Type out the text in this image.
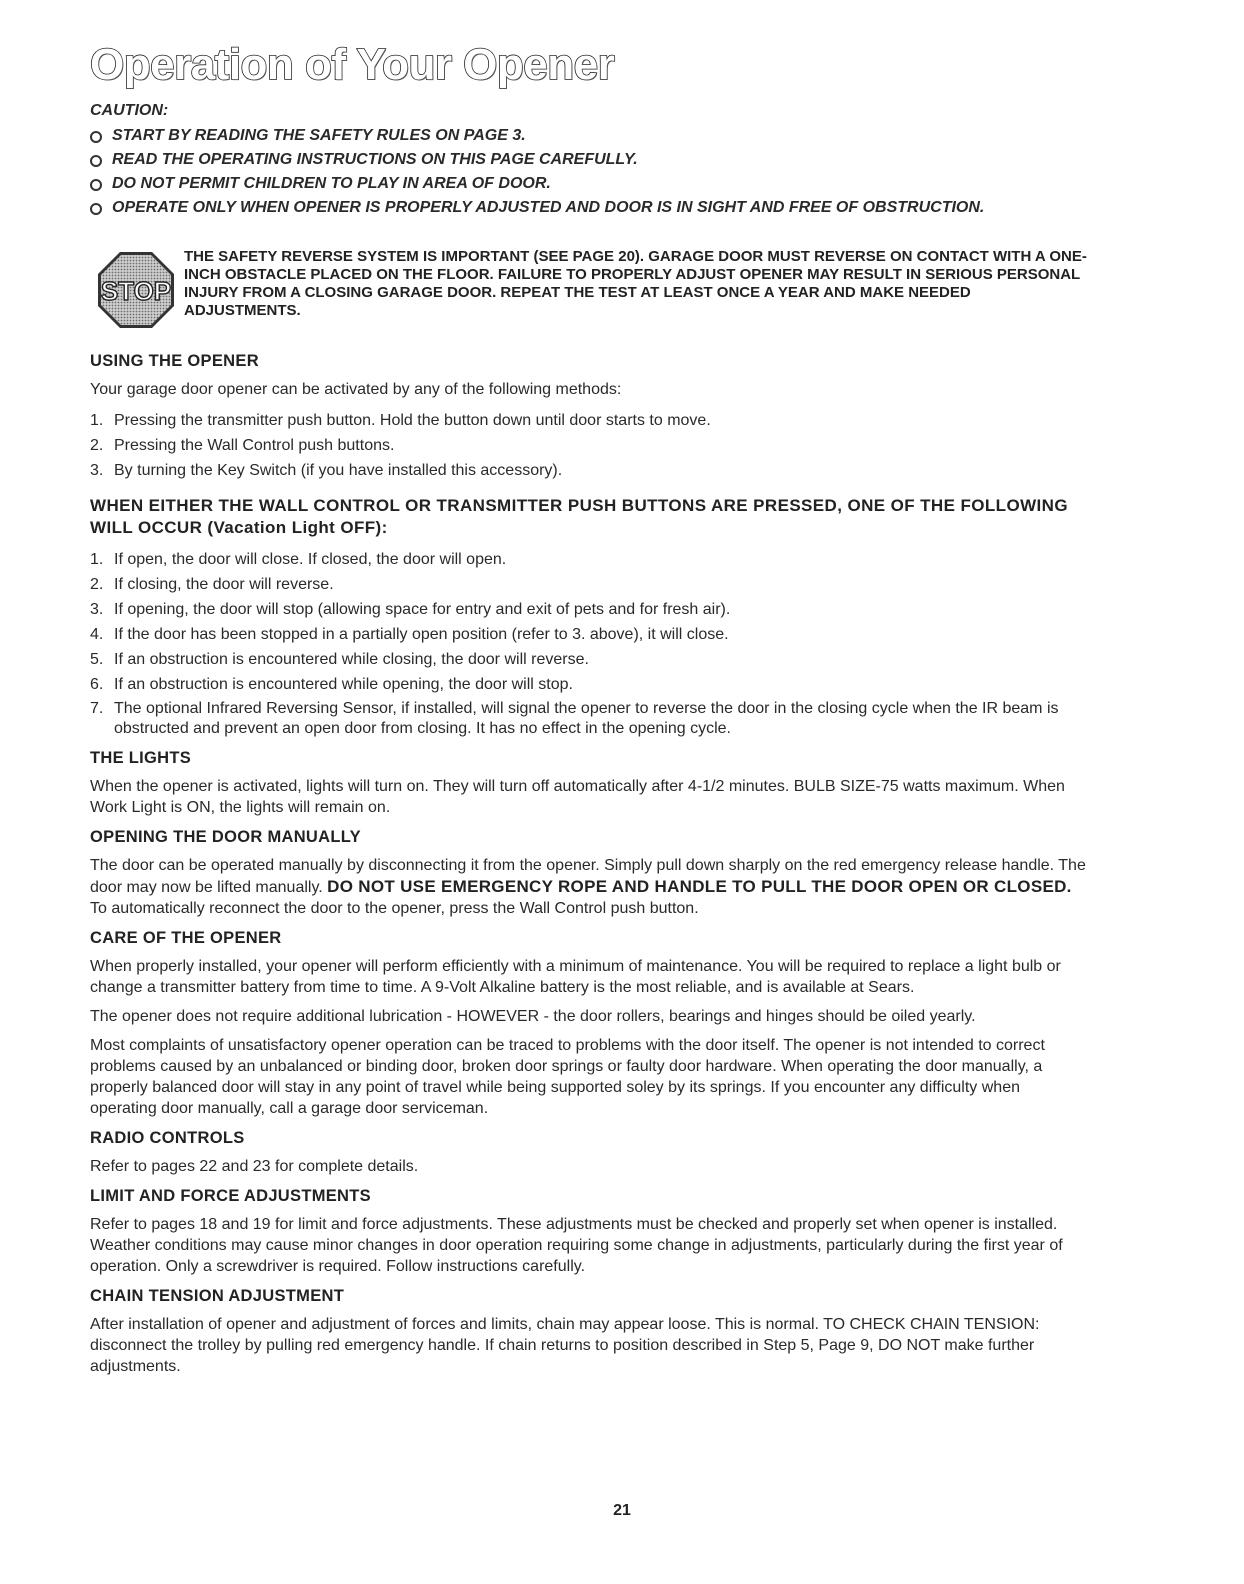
Operation of Your Opener
CAUTION:
START BY READING THE SAFETY RULES ON PAGE 3.
READ THE OPERATING INSTRUCTIONS ON THIS PAGE CAREFULLY.
DO NOT PERMIT CHILDREN TO PLAY IN AREA OF DOOR.
OPERATE ONLY WHEN OPENER IS PROPERLY ADJUSTED AND DOOR IS IN SIGHT AND FREE OF OBSTRUCTION.
STOP
THE SAFETY REVERSE SYSTEM IS IMPORTANT (SEE PAGE 20). GARAGE DOOR MUST REVERSE ON CONTACT WITH A ONE-INCH OBSTACLE PLACED ON THE FLOOR. FAILURE TO PROPERLY ADJUST OPENER MAY RESULT IN SERIOUS PERSONAL INJURY FROM A CLOSING GARAGE DOOR. REPEAT THE TEST AT LEAST ONCE A YEAR AND MAKE NEEDED ADJUSTMENTS.
USING THE OPENER

Your garage door opener can be activated by any of the following methods:

1. Pressing the transmitter push button. Hold the button down until door starts to move.
2. Pressing the Wall Control push buttons.
3. By turning the Key Switch (if you have installed this accessory).
WHEN EITHER THE WALL CONTROL OR TRANSMITTER PUSH BUTTONS ARE PRESSED, ONE OF THE FOLLOWING WILL OCCUR (Vacation Light OFF):
1. If open, the door will close. If closed, the door will open.
2. If closing, the door will reverse.
3. If opening, the door will stop (allowing space for entry and exit of pets and for fresh air).
4. If the door has been stopped in a partially open position (refer to 3. above), it will close.
5. If an obstruction is encountered while closing, the door will reverse.
6. If an obstruction is encountered while opening, the door will stop.
7. The optional Infrared Reversing Sensor, if installed, will signal the opener to reverse the door in the closing cycle when the IR beam is obstructed and prevent an open door from closing. It has no effect in the opening cycle.
THE LIGHTS

When the opener is activated, lights will turn on. They will turn off automatically after 4-1/2 minutes. BULB SIZE-75 watts maximum. When Work Light is ON, the lights will remain on.

OPENING THE DOOR MANUALLY

The door can be operated manually by disconnecting it from the opener. Simply pull down sharply on the red emergency release handle. The door may now be lifted manually. DO NOT USE EMERGENCY ROPE AND HANDLE TO PULL THE DOOR OPEN OR CLOSED. To automatically reconnect the door to the opener, press the Wall Control push button.

CARE OF THE OPENER

When properly installed, your opener will perform efficiently with a minimum of maintenance. You will be required to replace a light bulb or change a transmitter battery from time to time. A 9-Volt Alkaline battery is the most reliable, and is available at Sears.

The opener does not require additional lubrication - HOWEVER - the door rollers, bearings and hinges should be oiled yearly.

Most complaints of unsatisfactory opener operation can be traced to problems with the door itself. The opener is not intended to correct problems caused by an unbalanced or binding door, broken door springs or faulty door hardware. When operating the door manually, a properly balanced door will stay in any point of travel while being supported soley by its springs. If you encounter any difficulty when operating door manually, call a garage door serviceman.

RADIO CONTROLS

Refer to pages 22 and 23 for complete details.

LIMIT AND FORCE ADJUSTMENTS

Refer to pages 18 and 19 for limit and force adjustments. These adjustments must be checked and properly set when opener is installed. Weather conditions may cause minor changes in door operation requiring some change in adjustments, particularly during the first year of operation. Only a screwdriver is required. Follow instructions carefully.

CHAIN TENSION ADJUSTMENT

After installation of opener and adjustment of forces and limits, chain may appear loose. This is normal. TO CHECK CHAIN TENSION: disconnect the trolley by pulling red emergency handle. If chain returns to position described in Step 5, Page 9, DO NOT make further adjustments.

21
